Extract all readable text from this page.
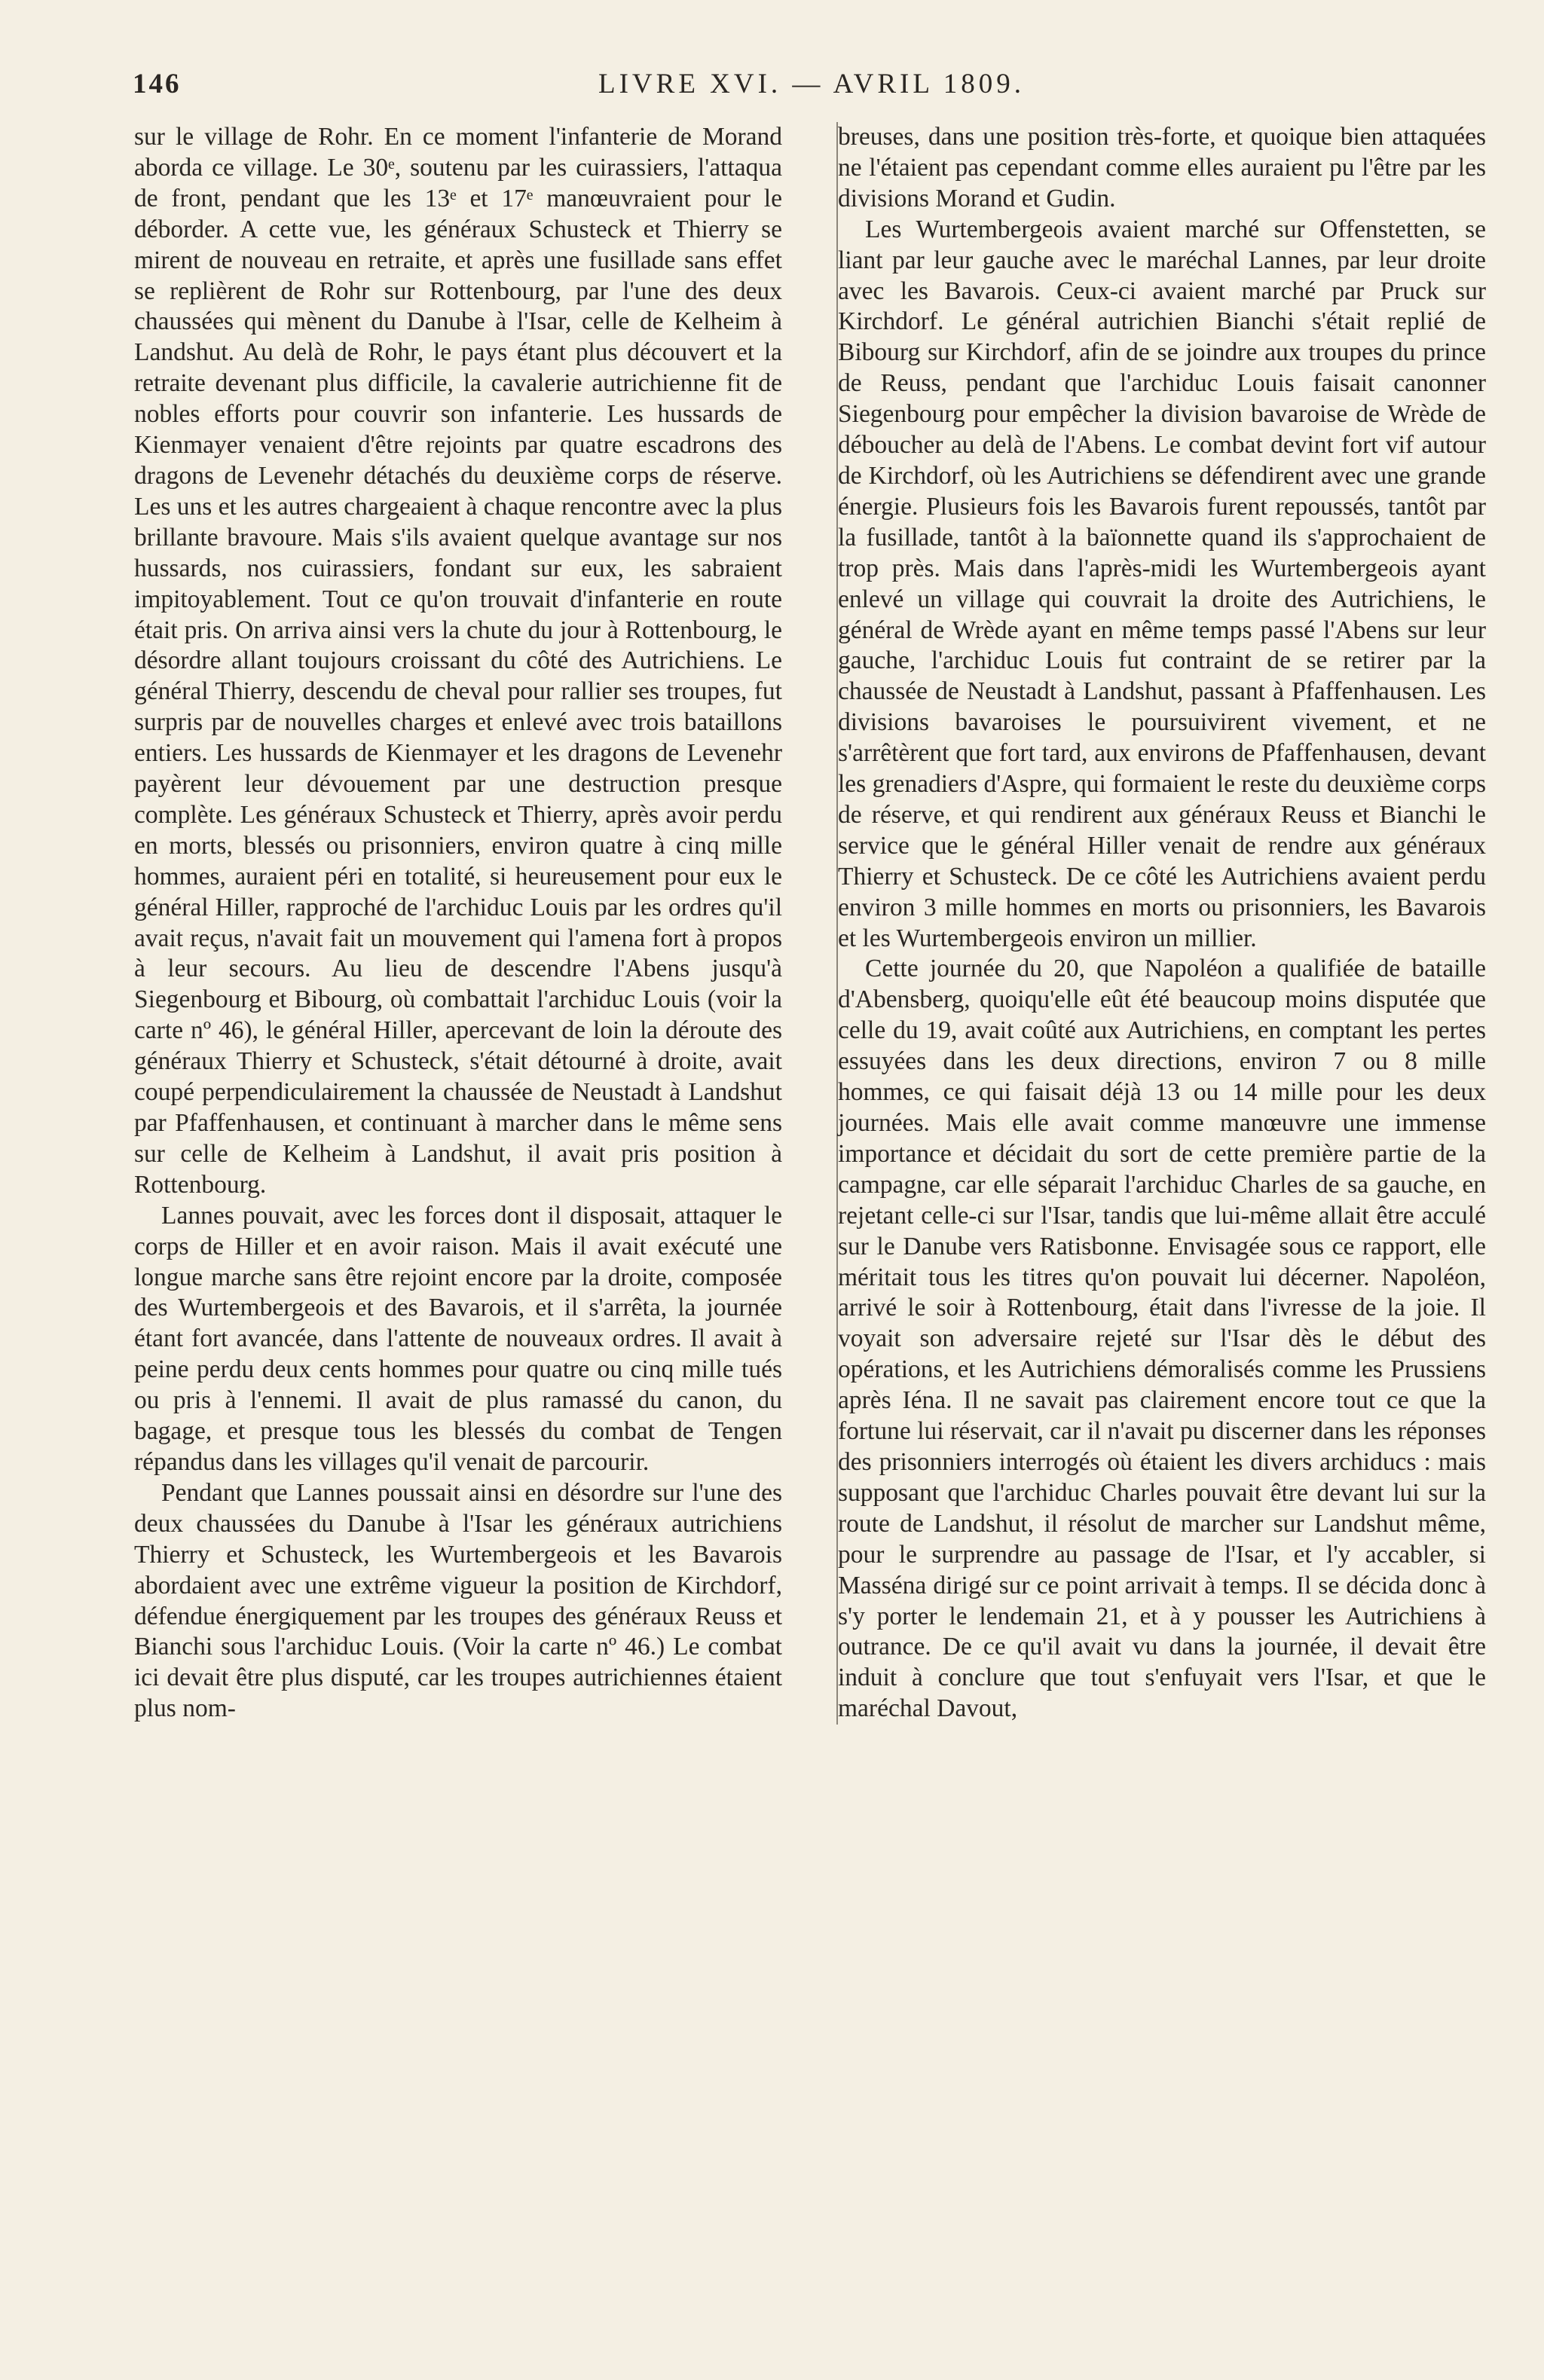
146	LIVRE XVI. — AVRIL 1809.

sur le village de Rohr. En ce moment l'infanterie de Morand aborda ce village. Le 30ᵉ, soutenu par les cuirassiers, l'attaqua de front, pendant que les 13ᵉ et 17ᵉ manœuvraient pour le déborder. A cette vue, les généraux Schusteck et Thierry se mirent de nouveau en retraite, et après une fusillade sans effet se replièrent de Rohr sur Rottenbourg, par l'une des deux chaussées qui mènent du Danube à l'Isar, celle de Kelheim à Landshut. Au delà de Rohr, le pays étant plus découvert et la retraite devenant plus difficile, la cavalerie autrichienne fit de nobles efforts pour couvrir son infanterie. Les hussards de Kienmayer venaient d'être rejoints par quatre escadrons des dragons de Levenehr détachés du deuxième corps de réserve. Les uns et les autres chargeaient à chaque rencontre avec la plus brillante bravoure. Mais s'ils avaient quelque avantage sur nos hussards, nos cuirassiers, fondant sur eux, les sabraient impitoyablement. Tout ce qu'on trouvait d'infanterie en route était pris. On arriva ainsi vers la chute du jour à Rottenbourg, le désordre allant toujours croissant du côté des Autrichiens. Le général Thierry, descendu de cheval pour rallier ses troupes, fut surpris par de nouvelles charges et enlevé avec trois bataillons entiers. Les hussards de Kienmayer et les dragons de Levenehr payèrent leur dévouement par une destruction presque complète. Les généraux Schusteck et Thierry, après avoir perdu en morts, blessés ou prisonniers, environ quatre à cinq mille hommes, auraient péri en totalité, si heureusement pour eux le général Hiller, rapproché de l'archiduc Louis par les ordres qu'il avait reçus, n'avait fait un mouvement qui l'amena fort à propos à leur secours. Au lieu de descendre l'Abens jusqu'à Siegenbourg et Bibourg, où combattait l'archiduc Louis (voir la carte nº 46), le général Hiller, apercevant de loin la déroute des généraux Thierry et Schusteck, s'était détourné à droite, avait coupé perpendiculairement la chaussée de Neustadt à Landshut par Pfaffenhausen, et continuant à marcher dans le même sens sur celle de Kelheim à Landshut, il avait pris position à Rottenbourg.

Lannes pouvait, avec les forces dont il disposait, attaquer le corps de Hiller et en avoir raison. Mais il avait exécuté une longue marche sans être rejoint encore par la droite, composée des Wurtembergeois et des Bavarois, et il s'arrêta, la journée étant fort avancée, dans l'attente de nouveaux ordres. Il avait à peine perdu deux cents hommes pour quatre ou cinq mille tués ou pris à l'ennemi. Il avait de plus ramassé du canon, du bagage, et presque tous les blessés du combat de Tengen répandus dans les villages qu'il venait de parcourir.

Pendant que Lannes poussait ainsi en désordre sur l'une des deux chaussées du Danube à l'Isar les généraux autrichiens Thierry et Schusteck, les Wurtembergeois et les Bavarois abordaient avec une extrême vigueur la position de Kirchdorf, défendue énergiquement par les troupes des généraux Reuss et Bianchi sous l'archiduc Louis. (Voir la carte nº 46.) Le combat ici devait être plus disputé, car les troupes autrichiennes étaient plus nom-

breuses, dans une position très-forte, et quoique bien attaquées ne l'étaient pas cependant comme elles auraient pu l'être par les divisions Morand et Gudin.

Les Wurtembergeois avaient marché sur Offenstetten, se liant par leur gauche avec le maréchal Lannes, par leur droite avec les Bavarois. Ceux-ci avaient marché par Pruck sur Kirchdorf. Le général autrichien Bianchi s'était replié de Bibourg sur Kirchdorf, afin de se joindre aux troupes du prince de Reuss, pendant que l'archiduc Louis faisait canonner Siegenbourg pour empêcher la division bavaroise de Wrède de déboucher au delà de l'Abens. Le combat devint fort vif autour de Kirchdorf, où les Autrichiens se défendirent avec une grande énergie. Plusieurs fois les Bavarois furent repoussés, tantôt par la fusillade, tantôt à la baïonnette quand ils s'approchaient de trop près. Mais dans l'après-midi les Wurtembergeois ayant enlevé un village qui couvrait la droite des Autrichiens, le général de Wrède ayant en même temps passé l'Abens sur leur gauche, l'archiduc Louis fut contraint de se retirer par la chaussée de Neustadt à Landshut, passant à Pfaffenhausen. Les divisions bavaroises le poursuivirent vivement, et ne s'arrêtèrent que fort tard, aux environs de Pfaffenhausen, devant les grenadiers d'Aspre, qui formaient le reste du deuxième corps de réserve, et qui rendirent aux généraux Reuss et Bianchi le service que le général Hiller venait de rendre aux généraux Thierry et Schusteck. De ce côté les Autrichiens avaient perdu environ 3 mille hommes en morts ou prisonniers, les Bavarois et les Wurtembergeois environ un millier.

Cette journée du 20, que Napoléon a qualifiée de bataille d'Abensberg, quoiqu'elle eût été beaucoup moins disputée que celle du 19, avait coûté aux Autrichiens, en comptant les pertes essuyées dans les deux directions, environ 7 ou 8 mille hommes, ce qui faisait déjà 13 ou 14 mille pour les deux journées. Mais elle avait comme manœuvre une immense importance et décidait du sort de cette première partie de la campagne, car elle séparait l'archiduc Charles de sa gauche, en rejetant celle-ci sur l'Isar, tandis que lui-même allait être acculé sur le Danube vers Ratisbonne. Envisagée sous ce rapport, elle méritait tous les titres qu'on pouvait lui décerner. Napoléon, arrivé le soir à Rottenbourg, était dans l'ivresse de la joie. Il voyait son adversaire rejeté sur l'Isar dès le début des opérations, et les Autrichiens démoralisés comme les Prussiens après Iéna. Il ne savait pas clairement encore tout ce que la fortune lui réservait, car il n'avait pu discerner dans les réponses des prisonniers interrogés où étaient les divers archiducs : mais supposant que l'archiduc Charles pouvait être devant lui sur la route de Landshut, il résolut de marcher sur Landshut même, pour le surprendre au passage de l'Isar, et l'y accabler, si Masséna dirigé sur ce point arrivait à temps. Il se décida donc à s'y porter le lendemain 21, et à y pousser les Autrichiens à outrance. De ce qu'il avait vu dans la journée, il devait être induit à conclure que tout s'enfuyait vers l'Isar, et que le maréchal Davout,
